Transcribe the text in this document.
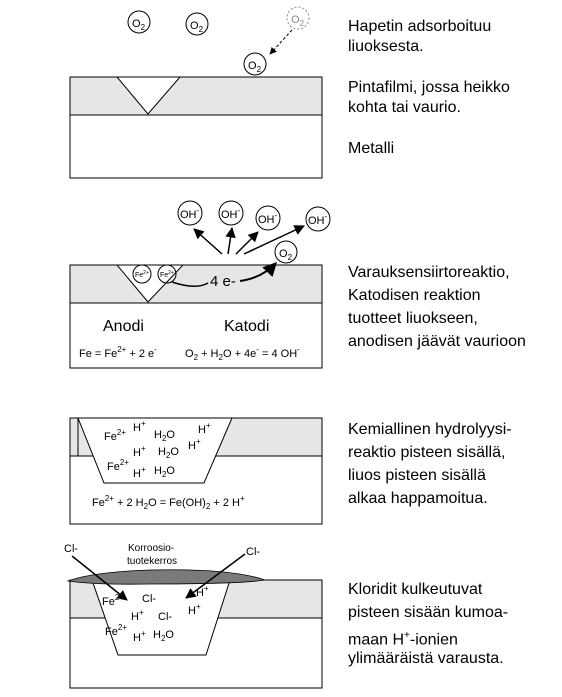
$O_2$	$O_2$
$O_2$
$O_2$
OH- OH-
OH-	OH-
$O_2$
$Fe^{2+}$ $Fe^{2+}$ 4 e-
Anodi	Katodi
$Fe = Fe^{2+} + 2$ e-	$O_2 + H_2O + 4e^- = 4$ OH-
$Fe^{2+}$ H+
$H_2O$ H+
H+ $H_2O$ H+
$Fe^{2+}$
H+ $H_2O$
$Fe^{2+} + 2$ $H_2O = Fe(OH)_2 + 2$ H+
Cl-	Korroosio-
tuotekerros
Cl-
$Fe^{2+}$ Cl-	H+
H+ Cl- H+
$Fe^{2+}$
H+ $H_2O$
Hapetin adsorboituu
liuoksesta.
Pintafilmi, jossa heikko
kohta tai vaurio.
Metalli
Varauksensiirtoreaktio,
Katodisen reaktion
tuotteet liuokseen,
anodisen jäävät vaurioon
Kemiallinen hydrolyysi-
reaktio pisteen sisällä,
liuos pisteen sisällä
alkaa happamoitua.
Kloridit kulkeutuvat
pisteen sisään kumoa-
maan H+-ionien
ylimääräistä varausta.
